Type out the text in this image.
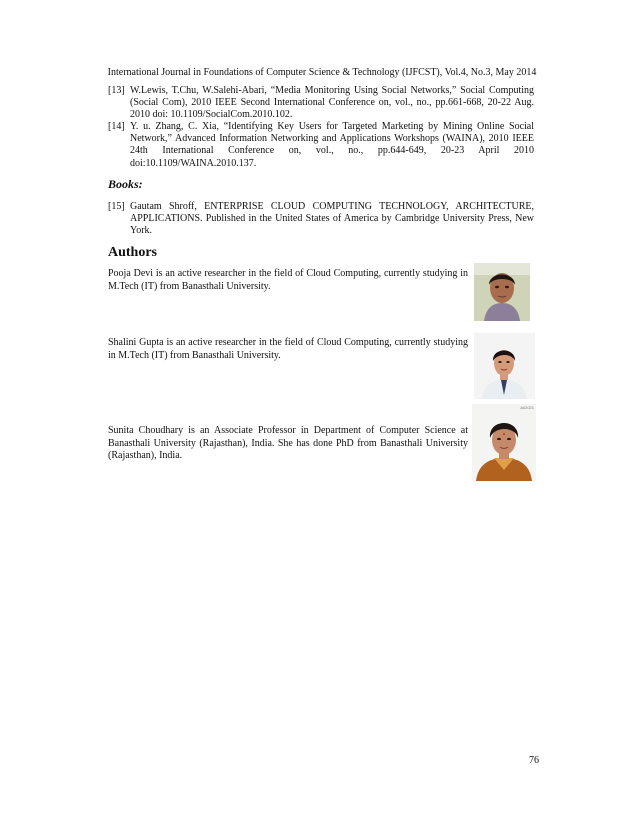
International Journal in Foundations of Computer Science & Technology (IJFCST), Vol.4, No.3, May 2014
[13] W.Lewis, T.Chu, W.Salehi-Abari, “Media Monitoring Using Social Networks,” Social Computing (Social Com), 2010 IEEE Second International Conference on, vol., no., pp.661-668, 20-22 Aug. 2010 doi: 10.1109/SocialCom.2010.102.
[14] Y. u. Zhang, C. Xia, “Identifying Key Users for Targeted Marketing by Mining Online Social Network,” Advanced Information Networking and Applications Workshops (WAINA), 2010 IEEE 24th International Conference on, vol., no., pp.644-649, 20-23 April 2010 doi:10.1109/WAINA.2010.137.
Books:
[15] Gautam Shroff, ENTERPRISE CLOUD COMPUTING TECHNOLOGY, ARCHITECTURE, APPLICATIONS. Published in the United States of America by Cambridge University Press, New York.
Authors
Pooja Devi is an active researcher in the field of Cloud Computing, currently studying in M.Tech (IT) from Banasthali University.
Shalini Gupta is an active researcher in the field of Cloud Computing, currently studying in M.Tech (IT) from Banasthali University.
Sunita Choudhary is an Associate Professor in Department of Computer Science at Banasthali University (Rajasthan), India. She has done PhD from Banasthali University (Rajasthan), India.
A02021
76
